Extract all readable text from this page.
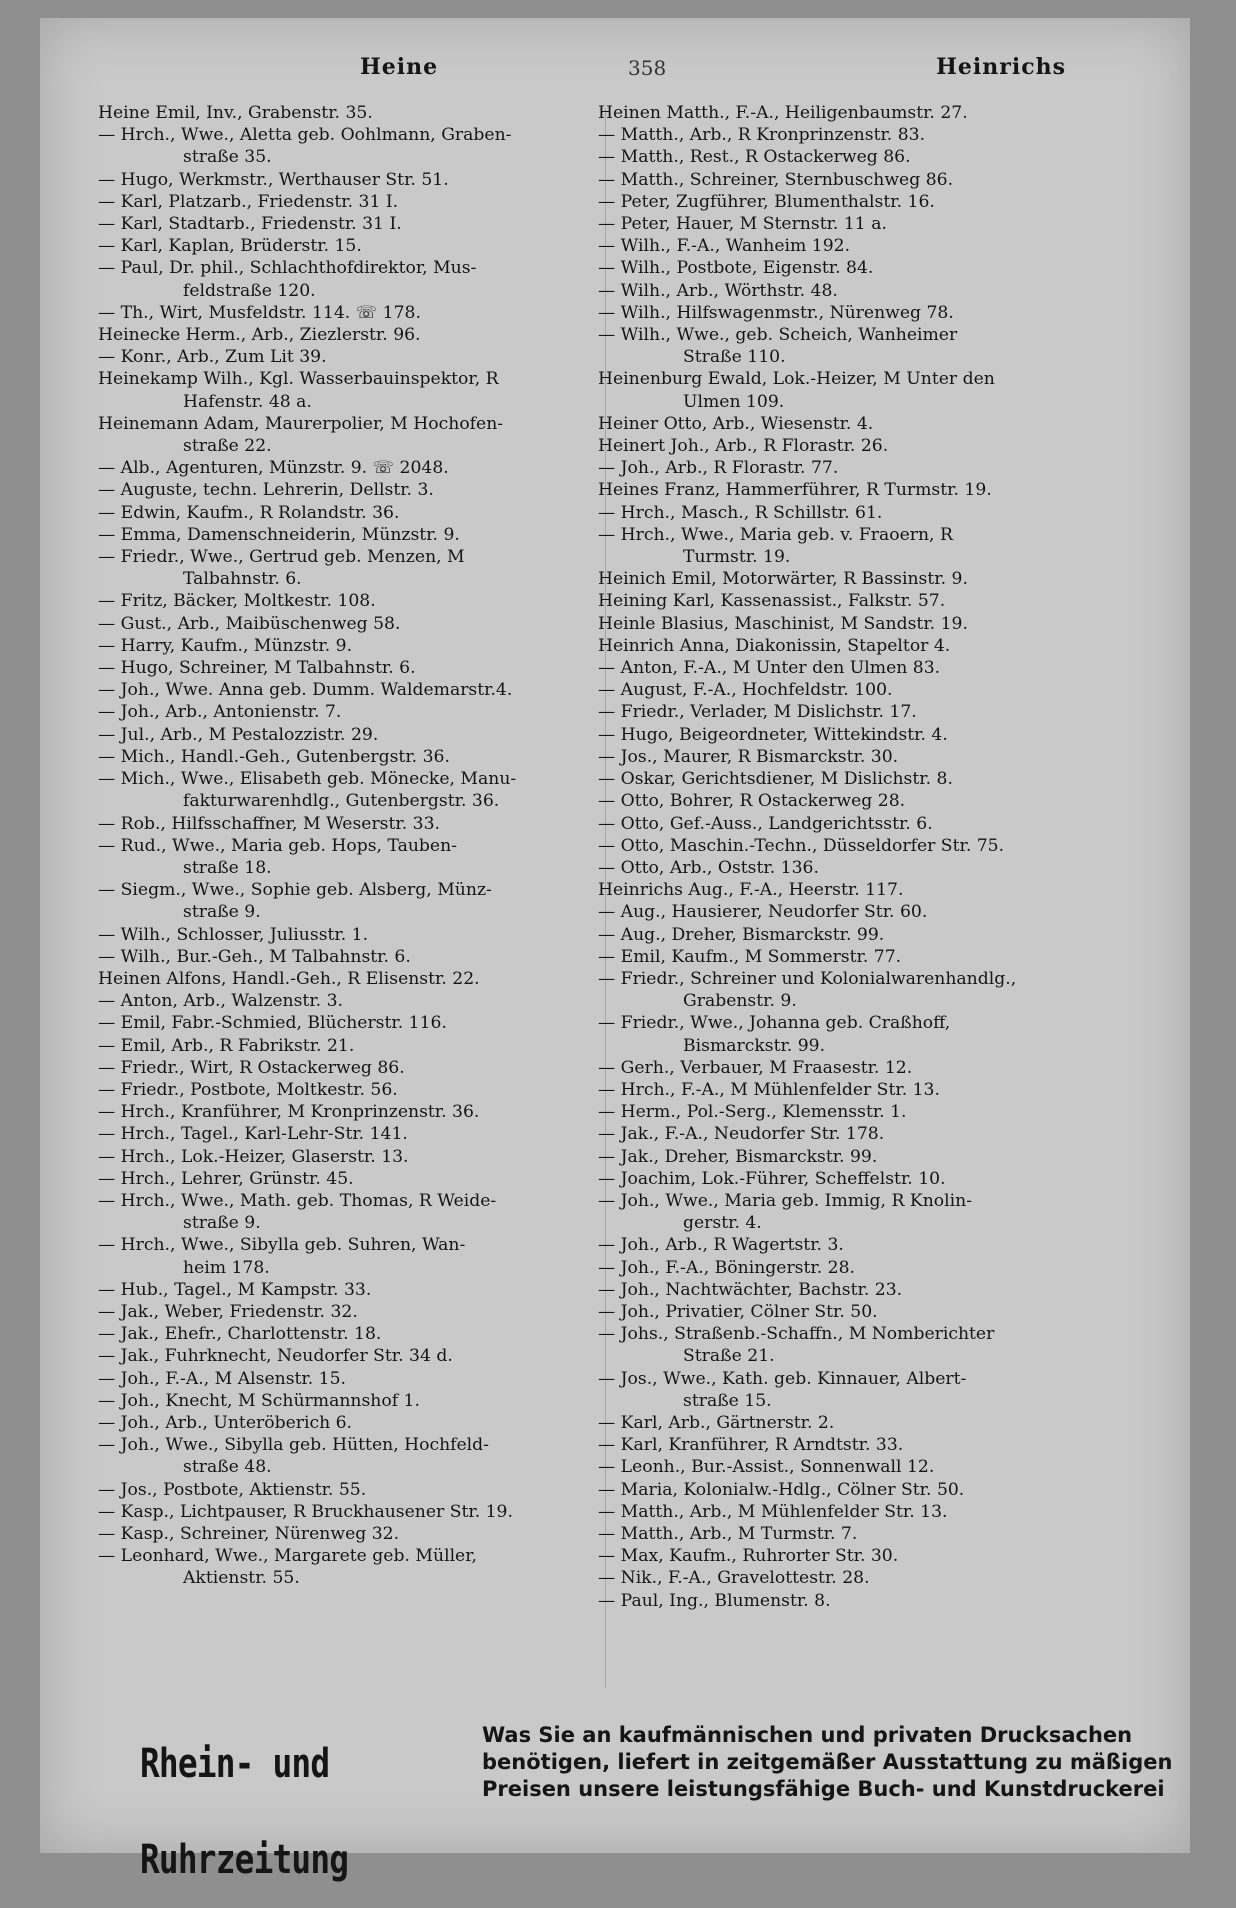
Heine	358	Heinrichs
Heine Emil, Inv., Grabenstr. 35.
— Hrch., Wwe., Aletta geb. Oohlmann, Graben-
straße 35.
— Hugo, Werkmstr., Werthauser Str. 51.
— Karl, Platzarb., Friedenstr. 31 I.
— Karl, Stadtarb., Friedenstr. 31 I.
— Karl, Kaplan, Brüderstr. 15.
— Paul, Dr. phil., Schlachthofdirektor, Mus-
feldstraße 120.
— Th., Wirt, Musfeldstr. 114. ☏ 178.
Heinecke Herm., Arb., Ziezlerstr. 96.
— Konr., Arb., Zum Lit 39.
Heinekamp Wilh., Kgl. Wasserbauinspektor, R
Hafenstr. 48 a.
Heinemann Adam, Maurerpolier, M Hochofen-
straße 22.
— Alb., Agenturen, Münzstr. 9. ☏ 2048.
— Auguste, techn. Lehrerin, Dellstr. 3.
— Edwin, Kaufm., R Rolandstr. 36.
— Emma, Damenschneiderin, Münzstr. 9.
— Friedr., Wwe., Gertrud geb. Menzen, M
Talbahnstr. 6.
— Fritz, Bäcker, Moltkestr. 108.
— Gust., Arb., Maibüschenweg 58.
— Harry, Kaufm., Münzstr. 9.
— Hugo, Schreiner, M Talbahnstr. 6.
— Joh., Wwe. Anna geb. Dumm. Waldemarstr.4.
— Joh., Arb., Antonienstr. 7.
— Jul., Arb., M Pestalozzistr. 29.
— Mich., Handl.-Geh., Gutenbergstr. 36.
— Mich., Wwe., Elisabeth geb. Mönecke, Manu-
fakturwarenhdlg., Gutenbergstr. 36.
— Rob., Hilfsschaffner, M Weserstr. 33.
— Rud., Wwe., Maria geb. Hops, Tauben-
straße 18.
— Siegm., Wwe., Sophie geb. Alsberg, Münz-
straße 9.
— Wilh., Schlosser, Juliusstr. 1.
— Wilh., Bur.-Geh., M Talbahnstr. 6.
Heinen Alfons, Handl.-Geh., R Elisenstr. 22.
— Anton, Arb., Walzenstr. 3.
— Emil, Fabr.-Schmied, Blücherstr. 116.
— Emil, Arb., R Fabrikstr. 21.
— Friedr., Wirt, R Ostackerweg 86.
— Friedr., Postbote, Moltkestr. 56.
— Hrch., Kranführer, M Kronprinzenstr. 36.
— Hrch., Tagel., Karl-Lehr-Str. 141.
— Hrch., Lok.-Heizer, Glaserstr. 13.
— Hrch., Lehrer, Grünstr. 45.
— Hrch., Wwe., Math. geb. Thomas, R Weide-
straße 9.
— Hrch., Wwe., Sibylla geb. Suhren, Wan-
heim 178.
— Hub., Tagel., M Kampstr. 33.
— Jak., Weber, Friedenstr. 32.
— Jak., Ehefr., Charlottenstr. 18.
— Jak., Fuhrknecht, Neudorfer Str. 34 d.
— Joh., F.-A., M Alsenstr. 15.
— Joh., Knecht, M Schürmannshof 1.
— Joh., Arb., Unteröberich 6.
— Joh., Wwe., Sibylla geb. Hütten, Hochfeld-
straße 48.
— Jos., Postbote, Aktienstr. 55.
— Kasp., Lichtpauser, R Bruckhausener Str. 19.
— Kasp., Schreiner, Nürenweg 32.
— Leonhard, Wwe., Margarete geb. Müller,
Aktienstr. 55.
Heinen Matth., F.-A., Heiligenbaumstr. 27.
— Matth., Arb., R Kronprinzenstr. 83.
— Matth., Rest., R Ostackerweg 86.
— Matth., Schreiner, Sternbuschweg 86.
— Peter, Zugführer, Blumenthalstr. 16.
— Peter, Hauer, M Sternstr. 11 a.
— Wilh., F.-A., Wanheim 192.
— Wilh., Postbote, Eigenstr. 84.
— Wilh., Arb., Wörthstr. 48.
— Wilh., Hilfswagenmstr., Nürenweg 78.
— Wilh., Wwe., geb. Scheich, Wanheimer
Straße 110.
Heinenburg Ewald, Lok.-Heizer, M Unter den
Ulmen 109.
Heiner Otto, Arb., Wiesenstr. 4.
Heinert Joh., Arb., R Florastr. 26.
— Joh., Arb., R Florastr. 77.
Heines Franz, Hammerführer, R Turmstr. 19.
— Hrch., Masch., R Schillstr. 61.
— Hrch., Wwe., Maria geb. v. Fraoern, R
Turmstr. 19.
Heinich Emil, Motorwärter, R Bassinstr. 9.
Heining Karl, Kassenassist., Falkstr. 57.
Heinle Blasius, Maschinist, M Sandstr. 19.
Heinrich Anna, Diakonissin, Stapeltor 4.
— Anton, F.-A., M Unter den Ulmen 83.
— August, F.-A., Hochfeldstr. 100.
— Friedr., Verlader, M Dislichstr. 17.
— Hugo, Beigeordneter, Wittekindstr. 4.
— Jos., Maurer, R Bismarckstr. 30.
— Oskar, Gerichtsdiener, M Dislichstr. 8.
— Otto, Bohrer, R Ostackerweg 28.
— Otto, Gef.-Auss., Landgerichtsstr. 6.
— Otto, Maschin.-Techn., Düsseldorfer Str. 75.
— Otto, Arb., Oststr. 136.
Heinrichs Aug., F.-A., Heerstr. 117.
— Aug., Hausierer, Neudorfer Str. 60.
— Aug., Dreher, Bismarckstr. 99.
— Emil, Kaufm., M Sommerstr. 77.
— Friedr., Schreiner und Kolonialwarenhandlg.,
Grabenstr. 9.
— Friedr., Wwe., Johanna geb. Craßhoff,
Bismarckstr. 99.
— Gerh., Verbauer, M Fraasestr. 12.
— Hrch., F.-A., M Mühlenfelder Str. 13.
— Herm., Pol.-Serg., Klemensstr. 1.
— Jak., F.-A., Neudorfer Str. 178.
— Jak., Dreher, Bismarckstr. 99.
— Joachim, Lok.-Führer, Scheffelstr. 10.
— Joh., Wwe., Maria geb. Immig, R Knolin-
gerstr. 4.
— Joh., Arb., R Wagertstr. 3.
— Joh., F.-A., Böningerstr. 28.
— Joh., Nachtwächter, Bachstr. 23.
— Joh., Privatier, Cölner Str. 50.
— Johs., Straßenb.-Schaffn., M Nomberichter
Straße 21.
— Jos., Wwe., Kath. geb. Kinnauer, Albert-
straße 15.
— Karl, Arb., Gärtnerstr. 2.
— Karl, Kranführer, R Arndtstr. 33.
— Leonh., Bur.-Assist., Sonnenwall 12.
— Maria, Kolonialw.-Hdlg., Cölner Str. 50.
— Matth., Arb., M Mühlenfelder Str. 13.
— Matth., Arb., M Turmstr. 7.
— Max, Kaufm., Ruhrorter Str. 30.
— Nik., F.-A., Gravelottestr. 28.
— Paul, Ing., Blumenstr. 8.
Rhein- und Ruhrzeitung
Was Sie an kaufmännischen und privaten Drucksachen
benötigen, liefert in zeitgemäßer Ausstattung zu mäßigen
Preisen unsere leistungsfähige Buch- und Kunstdruckerei
